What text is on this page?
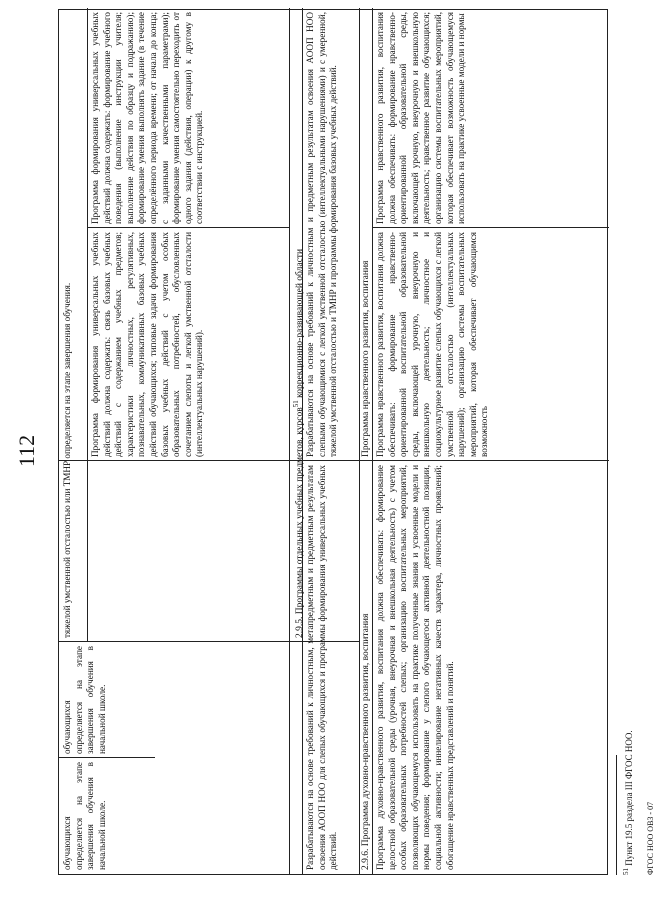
112
обучающихся определяется на этапе завершения обучения в начальной школе.
обучающихся определяется на этапе завершения обучения в начальной школе.
тяжелой умственной отсталостью или ТМНР определяется на этапе завершения обучения.	Программа формирования универсальных учебных действий должна содержать: связь базовых учебных действий с содержанием учебных предметов; характеристики личностных, регулятивных, познавательных, коммуникативных базовых учебных действий обучающихся; типовые задачи формирования базовых учебных действий с учетом особых образовательных потребностей, обусловленных сочетанием слепоты и легкой умственной отсталости (интеллектуальных нарушений).
Программа формирования универсальных учебных действий должна содержать: формирование учебного поведения (выполнение инструкции учителя; выполнение действия по образцу и подражанию); формирование умения выполнять задание (в течение определённого периода времени; от начала до конца; с заданными качественными параметрами); формирование умения самостоятельно переходить от одного задания (действия, операции) к другому в соответствии с инструкцией.
2.9.5. Программы отдельных учебных предметов, курсов$^{51}$ коррекционно-развивающей области
Разрабатываются на основе требований к личностным, метапредметным и предметным результатам освоения АООП НОО для слепых обучающихся и программы формирования универсальных учебных действий.
Разрабатываются на основе требований к личностным и предметным результатам освоения АООП НОО слепыми обучающимися с легкой умственной отсталостью (интеллектуальными нарушениями) и с умеренной, тяжелой умственной отсталостью и ТМНР и программы формирования базовых учебных действий.
2.9.6. Программа духовно-нравственного развития, воспитания
Программа нравственного развития, воспитания
Программа духовно-нравственного развития, воспитания должна обеспечивать: формирование целостной образовательной среды (урочная, внеурочная и внешкольная деятельность) с учетом особых образовательных потребностей слепых; организацию воспитательных мероприятий, позволяющих обучающемуся использовать на практике полученные знания и усвоенные модели и нормы поведения; формирование у слепого обучающегося активной деятельностной позиции, социальной активности; иннелирование негативных качеств характера, личностных проявлений; обогащение нравственных представлений и понятий.
Программа нравственного развития, воспитания должна обеспечивать: формирование нравственно-ориентированной воспитательной образовательной среды, включающей урочную, внеурочную и внешкольную деятельность; личностное и социокультурное развитие слепых обучающихся с легкой умственной отсталостью (интеллектуальных нарушений); организацию системы воспитательных мероприятий, которая обеспечивает обучающимся возможность
Программа нравственного развития, воспитания должна обеспечивать: формирование нравственно-ориентированной образовательной среды, включающей урочную, внеурочную и внешкольную деятельность; нравственное развитие обучающихся; организацию системы воспитательных мероприятий, которая обеспечивает возможность обучающемуся использовать на практике усвоенные модели и нормы
$^{51}$ Пункт 19.5 раздела III ФГОС НОО. ФГОС НОО ОВЗ - 07
